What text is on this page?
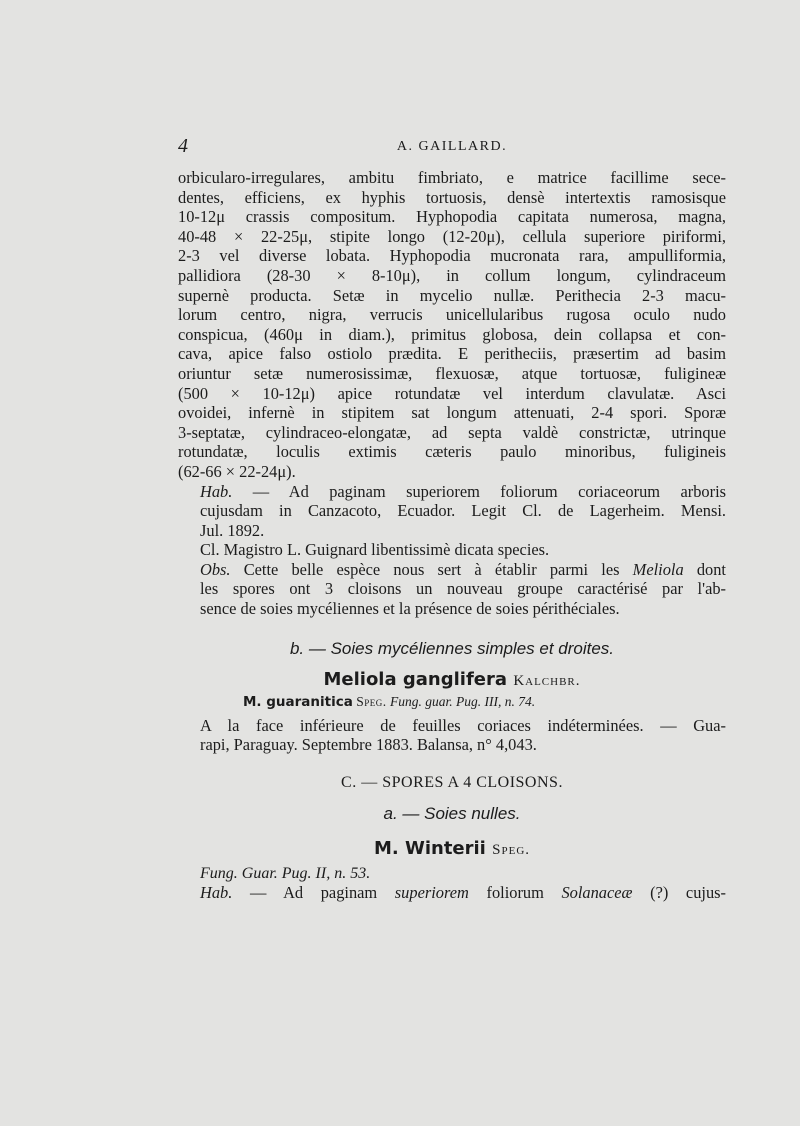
4	A. GAILLARD.

orbicularo-irregulares, ambitu fimbriato, e matrice facillime sece-
dentes, efficiens, ex hyphis tortuosis, densè intertextis ramosisque
10-12μ crassis compositum. Hyphopodia capitata numerosa, magna,
40-48 × 22-25μ, stipite longo (12-20μ), cellula superiore piriformi,
2-3 vel diverse lobata. Hyphopodia mucronata rara, ampulliformia,
pallidiora (28-30 × 8-10μ), in collum longum, cylindraceum
supernè producta. Setæ in mycelio nullæ. Perithecia 2-3 macu-
lorum centro, nigra, verrucis unicellularibus rugosa oculo nudo
conspicua, (460μ in diam.), primitus globosa, dein collapsa et con-
cava, apice falso ostiolo prædita. E peritheciis, præsertim ad basim
oriuntur setæ numerosissimæ, flexuosæ, atque tortuosæ, fuligineæ
(500 × 10-12μ) apice rotundatæ vel interdum clavulatæ. Asci
ovoidei, infernè in stipitem sat longum attenuati, 2-4 spori. Sporæ
3-septatæ, cylindraceo-elongatæ, ad septa valdè constrictæ, utrinque
rotundatæ, loculis extimis cæteris paulo minoribus, fuligineis
(62-66 × 22-24μ).

Hab. — Ad paginam superiorem foliorum coriaceorum arboris
cujusdam in Canzacoto, Ecuador. Legit Cl. de Lagerheim. Mensi.
Jul. 1892.

Cl. Magistro L. Guignard libentissimè dicata species.

Obs. Cette belle espèce nous sert à établir parmi les Meliola dont
les spores ont 3 cloisons un nouveau groupe caractérisé par l'ab-
sence de soies mycéliennes et la présence de soies périthéciales.

b. — Soies mycéliennes simples et droites.

Meliola ganglifera Kalchbr.

M. guaranitica Speg. Fung. guar. Pug. III, n. 74.

A la face inférieure de feuilles coriaces indéterminées. — Gua-
rapi, Paraguay. Septembre 1883. Balansa, n° 4,043.

C. — SPORES A 4 CLOISONS.

a. — Soies nulles.

M. Winterii Speg.

Fung. Guar. Pug. II, n. 53.

Hab. — Ad paginam superiorem foliorum Solanaceæ (?) cujus-
